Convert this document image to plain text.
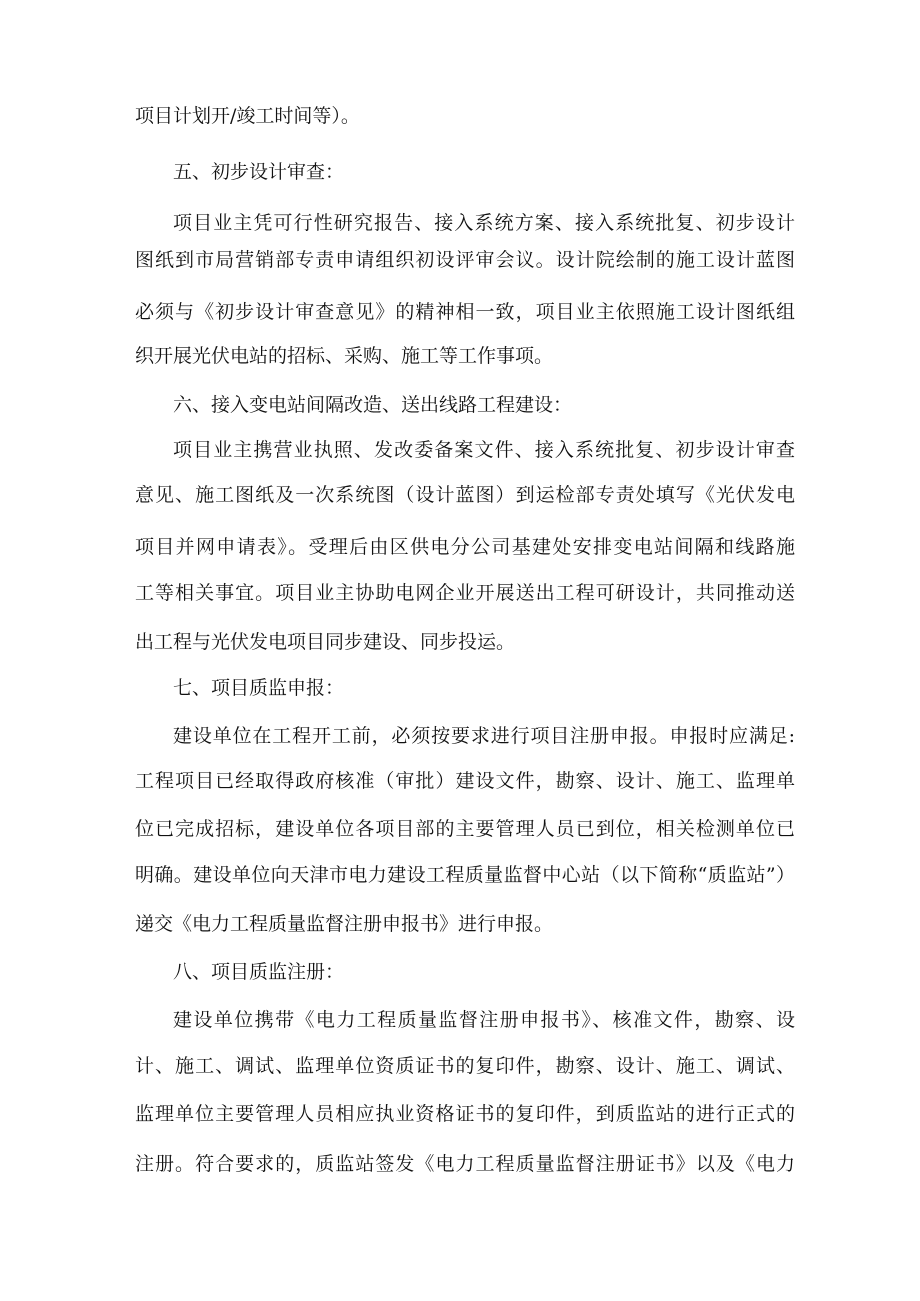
项目计划开/竣工时间等）。
五、初步设计审查：
项目业主凭可行性研究报告、接入系统方案、接入系统批复、初步设计
图纸到市局营销部专责申请组织初设评审会议。设计院绘制的施工设计蓝图
必须与《初步设计审查意见》的精神相一致，项目业主依照施工设计图纸组
织开展光伏电站的招标、采购、施工等工作事项。
六、接入变电站间隔改造、送出线路工程建设：
项目业主携营业执照、发改委备案文件、接入系统批复、初步设计审查
意见、施工图纸及一次系统图（设计蓝图）到运检部专责处填写《光伏发电
项目并网申请表》。受理后由区供电分公司基建处安排变电站间隔和线路施
工等相关事宜。项目业主协助电网企业开展送出工程可研设计，共同推动送
出工程与光伏发电项目同步建设、同步投运。
七、项目质监申报：
建设单位在工程开工前，必须按要求进行项目注册申报。申报时应满足:
工程项目已经取得政府核准（审批）建设文件，勘察、设计、施工、监理单
位已完成招标，建设单位各项目部的主要管理人员已到位，相关检测单位已
明确。建设单位向天津市电力建设工程质量监督中心站（以下简称“质监站”）
递交《电力工程质量监督注册申报书》进行申报。
八、项目质监注册：
建设单位携带《电力工程质量监督注册申报书》、核准文件，勘察、设
计、施工、调试、监理单位资质证书的复印件，勘察、设计、施工、调试、
监理单位主要管理人员相应执业资格证书的复印件，到质监站的进行正式的
注册。符合要求的，质监站签发《电力工程质量监督注册证书》以及《电力
